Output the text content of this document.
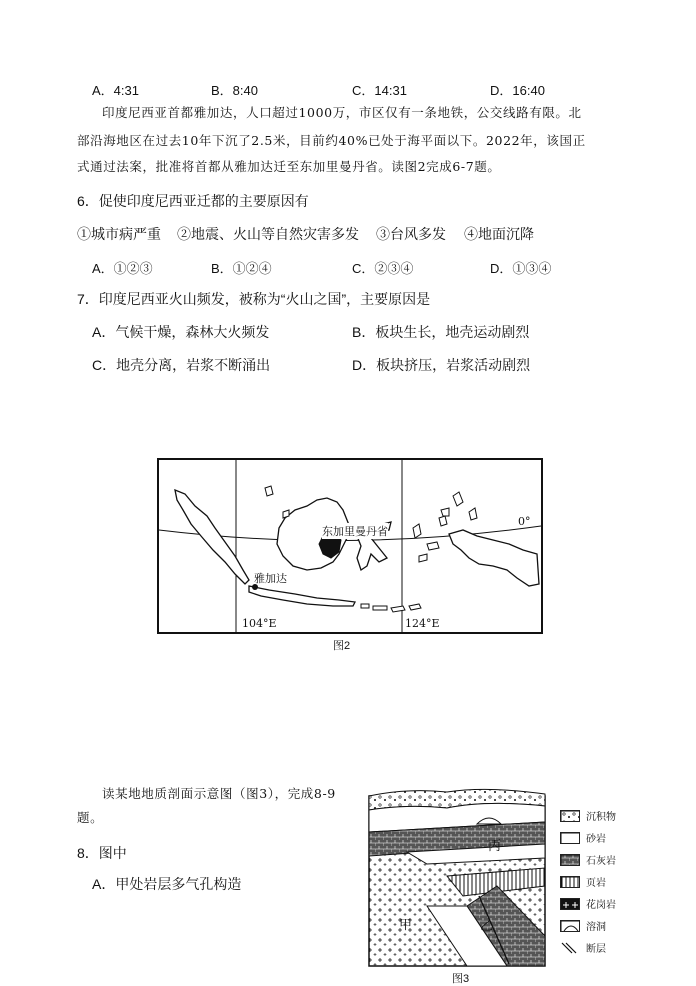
A．4:31	B．8:40	C．14:31	D．16:40
印度尼西亚首都雅加达，人口超过1000万，市区仅有一条地铁，公交线路有限。北
部沿海地区在过去10年下沉了2.5米，目前约40%已处于海平面以下。2022年，该国正
式通过法案，批准将首都从雅加达迁至东加里曼丹省。读图2完成6-7题。
6．促使印度尼西亚迁都的主要原因有
①城市病严重 ②地震、火山等自然灾害多发 ③台风多发 ④地面沉降
A．①②③	B．①②④	C．②③④	D．①③④
7．印度尼西亚火山频发，被称为“火山之国”，主要原因是
A．气候干燥，森林大火频发	B．板块生长，地壳运动剧烈
C．地壳分离，岩浆不断涌出	D．板块挤压，岩浆活动剧烈
东加里曼丹省
雅加达
104°E	124°E
0°
图2
读某地地质剖面示意图（图3），完成8-9
题。
8．图中
A．甲处岩层多气孔构造
丙
甲	乙
图3
沉积物
砂岩
石灰岩
页岩
花岗岩
溶洞
断层
